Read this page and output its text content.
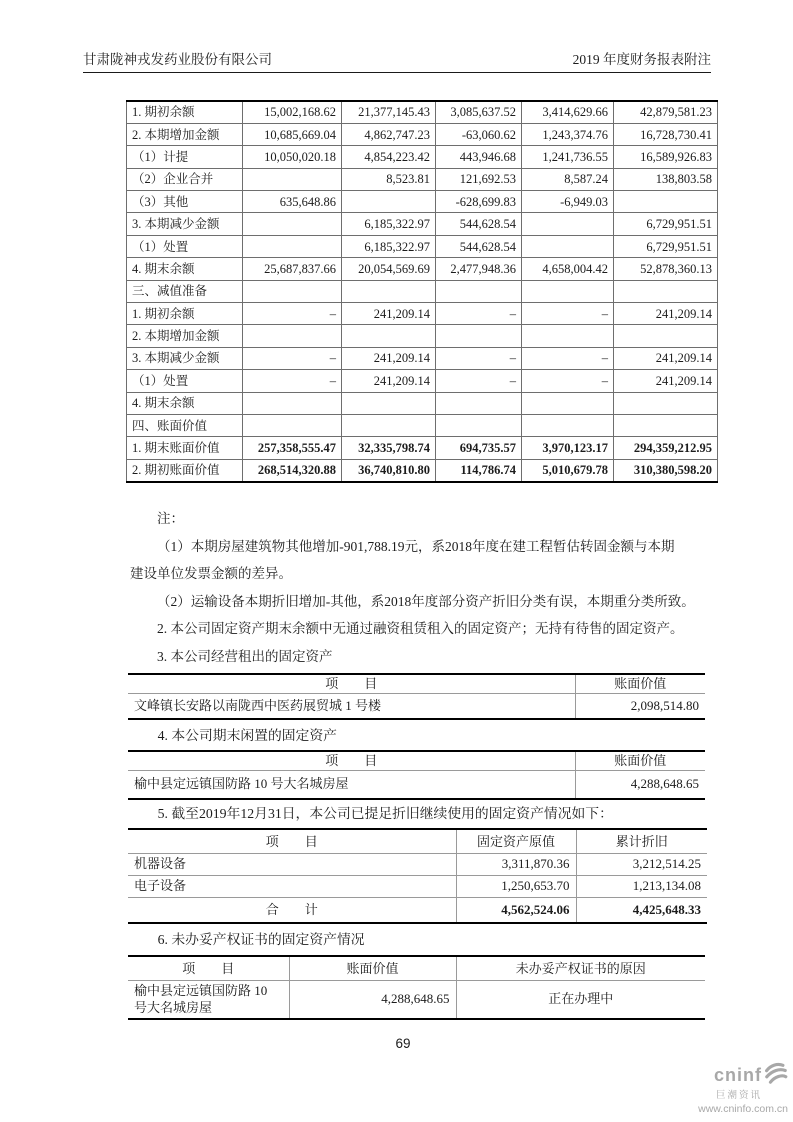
甘肃陇神戎发药业股份有限公司	2019 年度财务报表附注
1. 期初余额	15,002,168.62	21,377,145.43	3,085,637.52	3,414,629.66	42,879,581.23
2. 本期增加金额	10,685,669.04	4,862,747.23	-63,060.62	1,243,374.76	16,728,730.41
（1）计提	10,050,020.18	4,854,223.42	443,946.68	1,241,736.55	16,589,926.83
（2）企业合并		8,523.81	121,692.53	8,587.24	138,803.58
（3）其他	635,648.86		-628,699.83	-6,949.03	
3. 本期减少金额		6,185,322.97	544,628.54		6,729,951.51
（1）处置		6,185,322.97	544,628.54		6,729,951.51
4. 期末余额	25,687,837.66	20,054,569.69	2,477,948.36	4,658,004.42	52,878,360.13
三、减值准备					
1. 期初余额	–	241,209.14	–	–	241,209.14
2. 本期增加金额					
3. 本期减少金额	–	241,209.14	–	–	241,209.14
（1）处置	–	241,209.14	–	–	241,209.14
4. 期末余额					
四、账面价值					
1. 期末账面价值	257,358,555.47	32,335,798.74	694,735.57	3,970,123.17	294,359,212.95
2. 期初账面价值	268,514,320.88	36,740,810.80	114,786.74	5,010,679.78	310,380,598.20
注：
（1）本期房屋建筑物其他增加-901,788.19元，系2018年度在建工程暂估转固金额与本期
建设单位发票金额的差异。
（2）运输设备本期折旧增加-其他，系2018年度部分资产折旧分类有误，本期重分类所致。
2. 本公司固定资产期末余额中无通过融资租赁租入的固定资产；无持有待售的固定资产。
3. 本公司经营租出的固定资产
项　　目	账面价值
文峰镇长安路以南陇西中医药展贸城 1 号楼	2,098,514.80
4. 本公司期末闲置的固定资产
项　　目	账面价值
榆中县定远镇国防路 10 号大名城房屋	4,288,648.65
5. 截至2019年12月31日，本公司已提足折旧继续使用的固定资产情况如下：
项　　目	固定资产原值	累计折旧
机器设备	3,311,870.36	3,212,514.25
电子设备	1,250,653.70	1,213,134.08
合　　计	4,562,524.06	4,425,648.33
6. 未办妥产权证书的固定资产情况
项　　目	账面价值	未办妥产权证书的原因
榆中县定远镇国防路 10 号大名城房屋	4,288,648.65	正在办理中
69
cninf
巨潮资讯
www.cninfo.com.cn
